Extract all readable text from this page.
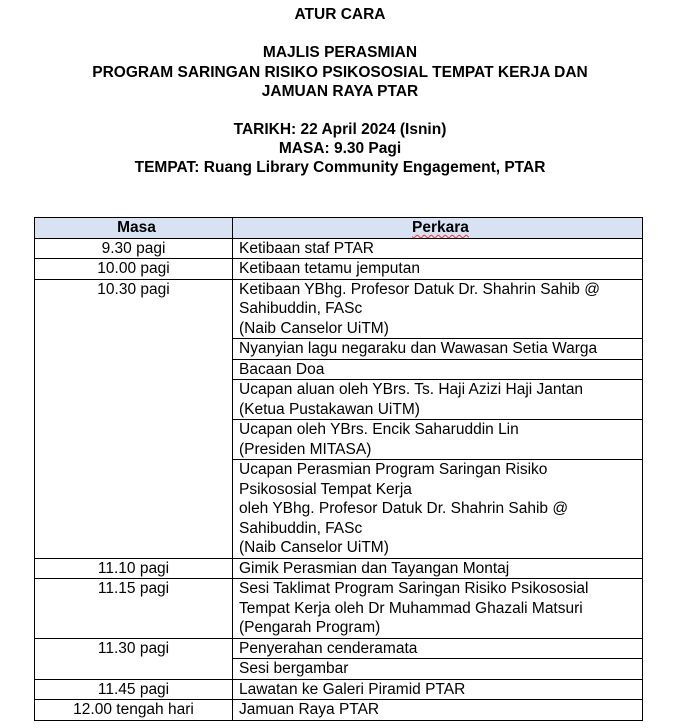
ATUR CARA
MAJLIS PERASMIAN
PROGRAM SARINGAN RISIKO PSIKOSOSIAL TEMPAT KERJA DAN
JAMUAN RAYA PTAR
TARIKH: 22 April 2024 (Isnin)
MASA: 9.30 Pagi
TEMPAT: Ruang Library Community Engagement, PTAR
Masa	Perkara
9.30 pagi	Ketibaan staf PTAR

10.00 pagi	Ketibaan tetamu jemputan

10.30 pagi	Ketibaan YBhg. Profesor Datuk Dr. Shahrin Sahib @
Sahibuddin, FASc
(Naib Canselor UiTM)

	Nyanyian lagu negaraku dan Wawasan Setia Warga

	Bacaan Doa

	Ucapan aluan oleh YBrs. Ts. Haji Azizi Haji Jantan
(Ketua Pustakawan UiTM)

	Ucapan oleh YBrs. Encik Saharuddin Lin
(Presiden MITASA)

	Ucapan Perasmian Program Saringan Risiko
Psikososial Tempat Kerja
oleh YBhg. Profesor Datuk Dr. Shahrin Sahib @
Sahibuddin, FASc
(Naib Canselor UiTM)

11.10 pagi	Gimik Perasmian dan Tayangan Montaj

11.15 pagi	Sesi Taklimat Program Saringan Risiko Psikososial
Tempat Kerja oleh Dr Muhammad Ghazali Matsuri
(Pengarah Program)

11.30 pagi	Penyerahan cenderamata

	Sesi bergambar

11.45 pagi	Lawatan ke Galeri Piramid PTAR

12.00 tengah hari	Jamuan Raya PTAR
